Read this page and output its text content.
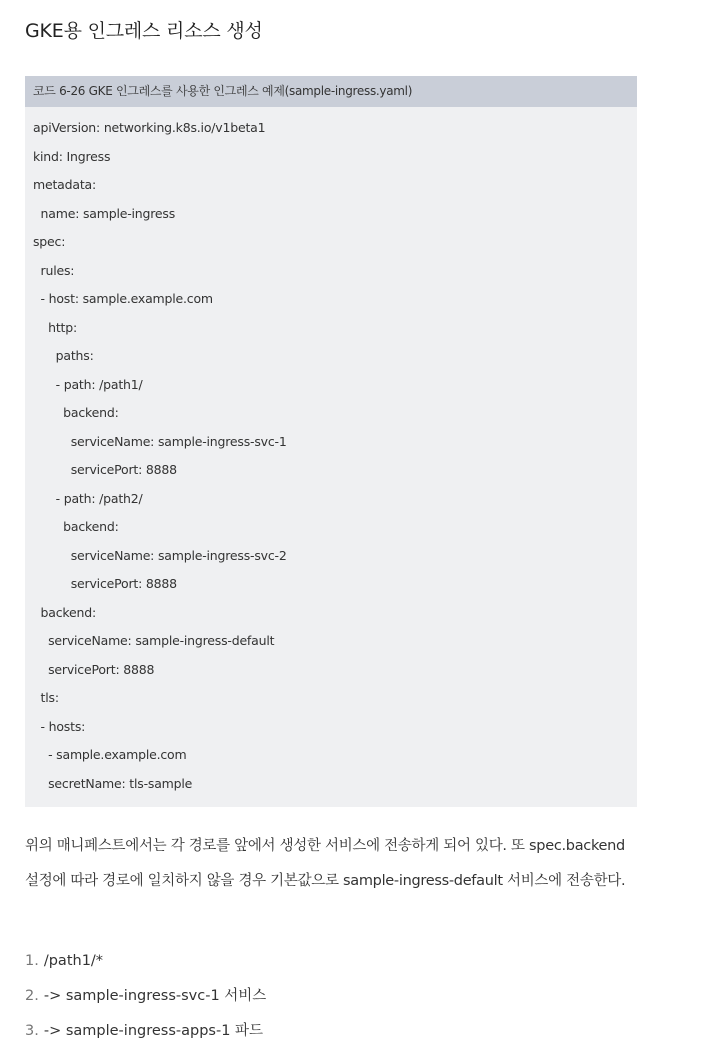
GKE용 인그레스 리소스 생성
코드 6-26 GKE 인그레스를 사용한 인그레스 예제(sample-ingress.yaml)
apiVersion: networking.k8s.io/v1beta1
kind: Ingress
metadata:
name: sample-ingress
spec:
rules:
- host: sample.example.com
http:
paths:
- path: /path1/
backend:
serviceName: sample-ingress-svc-1
servicePort: 8888
- path: /path2/
backend:
serviceName: sample-ingress-svc-2
servicePort: 8888
backend:
serviceName: sample-ingress-default
servicePort: 8888
tls:
- hosts:
- sample.example.com
secretName: tls-sample

위의 매니페스트에서는 각 경로를 앞에서 생성한 서비스에 전송하게 되어 있다. 또 spec.backend 설정에 따라 경로에 일치하지 않을 경우 기본값으로 sample-ingress-default 서비스에 전송한다.

1. /path1/*
2. -> sample-ingress-svc-1 서비스
3. -> sample-ingress-apps-1 파드
